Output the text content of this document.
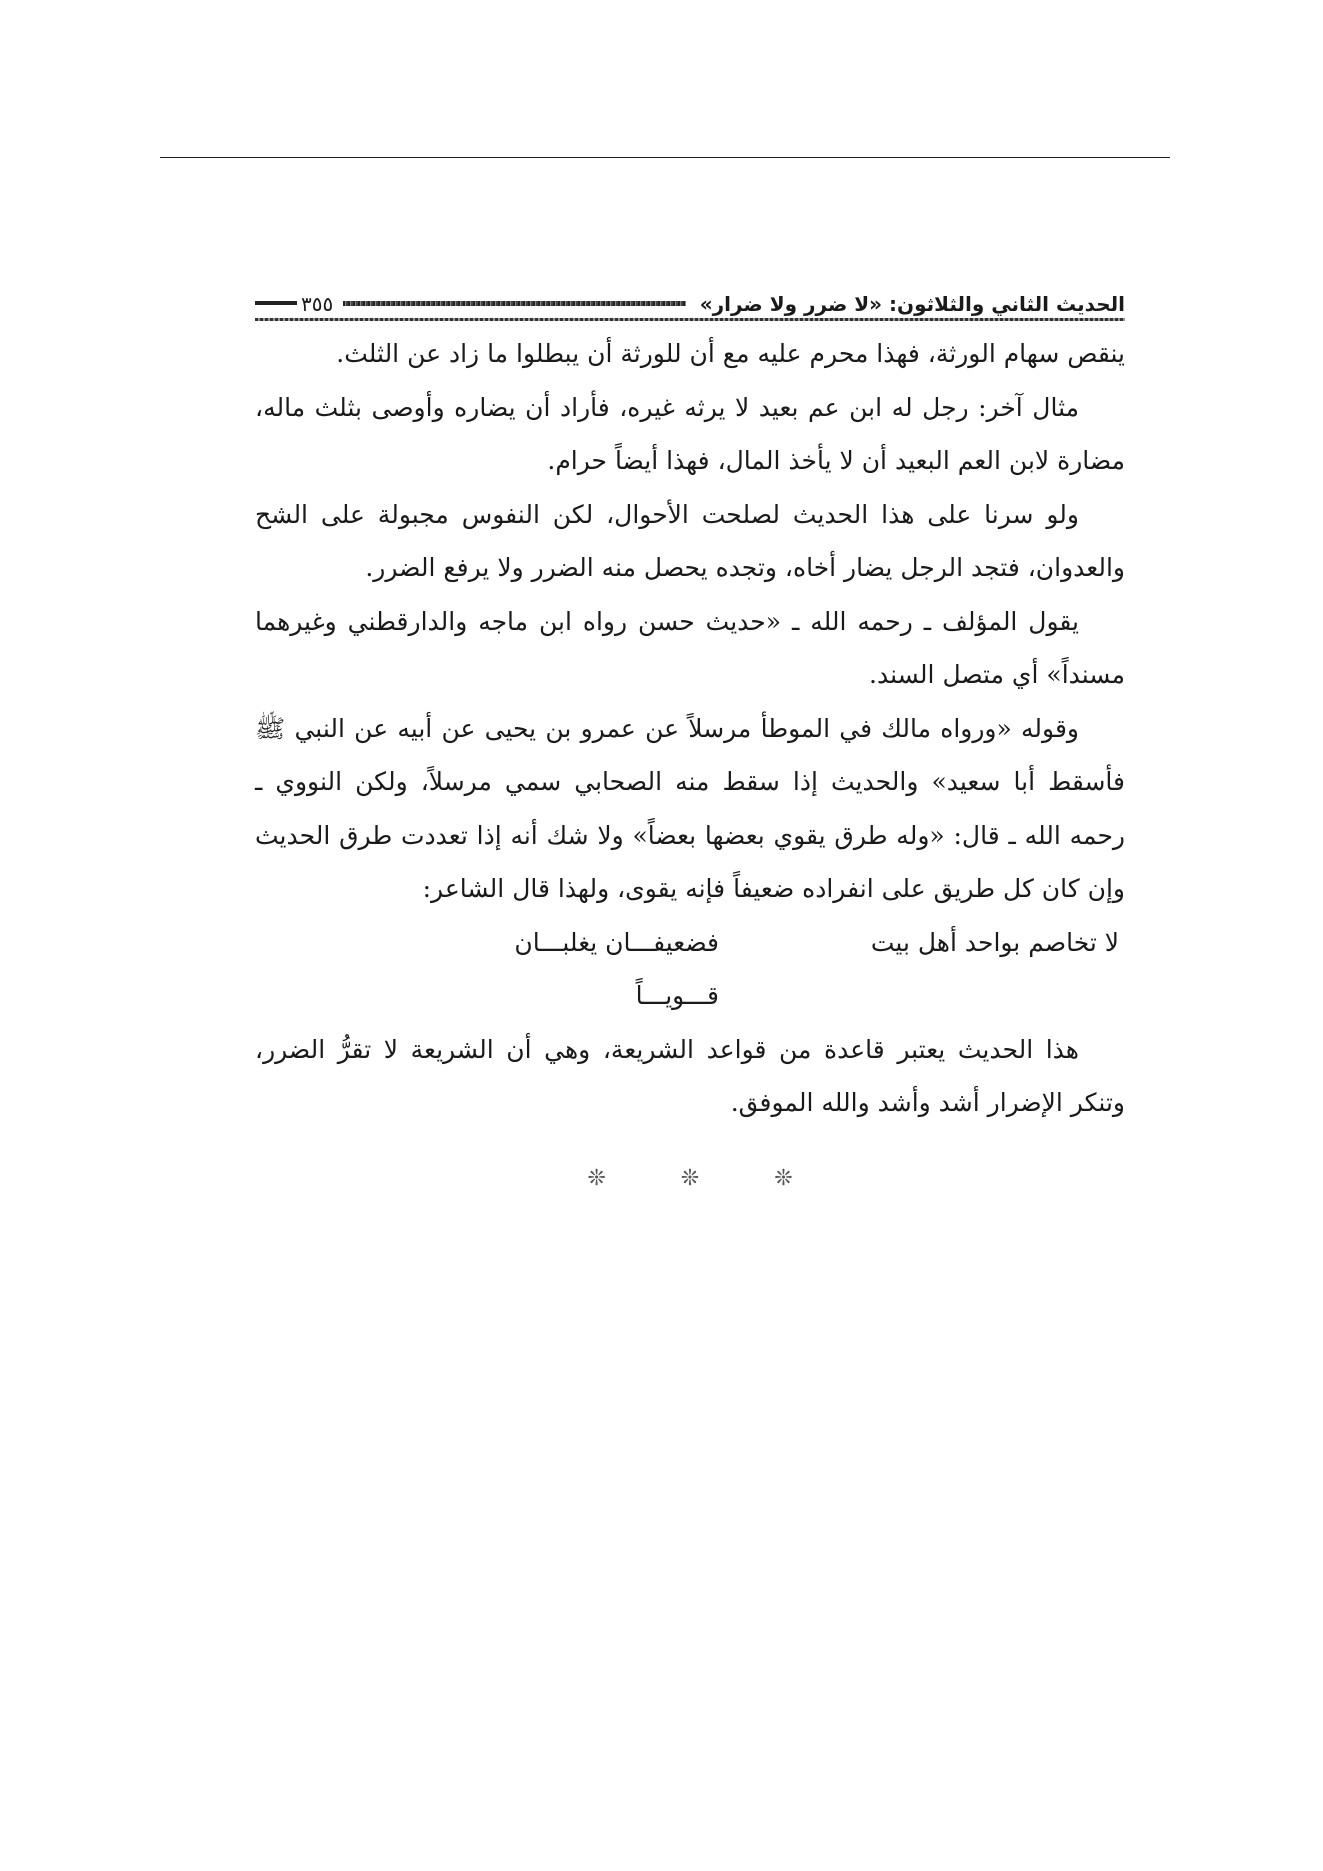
الحديث الثاني والثلاثون: «لا ضرر ولا ضرار»
٣٥٥

ينقص سهام الورثة، فهذا محرم عليه مع أن للورثة أن يبطلوا ما زاد عن الثلث.

مثال آخر: رجل له ابن عم بعيد لا يرثه غيره، فأراد أن يضاره وأوصى بثلث ماله، مضارة لابن العم البعيد أن لا يأخذ المال، فهذا أيضاً حرام.

ولو سرنا على هذا الحديث لصلحت الأحوال، لكن النفوس مجبولة على الشح والعدوان، فتجد الرجل يضار أخاه، وتجده يحصل منه الضرر ولا يرفع الضرر.

يقول المؤلف ـ رحمه الله ـ «حديث حسن رواه ابن ماجه والدارقطني وغيرهما مسنداً» أي متصل السند.

وقوله «ورواه مالك في الموطأ مرسلاً عن عمرو بن يحيى عن أبيه عن النبي ﷺ فأسقط أبا سعيد» والحديث إذا سقط منه الصحابي سمي مرسلاً، ولكن النووي ـ رحمه الله ـ قال: «وله طرق يقوي بعضها بعضاً» ولا شك أنه إذا تعددت طرق الحديث وإن كان كل طريق على انفراده ضعيفاً فإنه يقوى، ولهذا قال الشاعر:

لا تخاصم بواحد أهل بيت
فضعيفـــان يغلبـــان قـــويـــاً

هذا الحديث يعتبر قاعدة من قواعد الشريعة، وهي أن الشريعة لا تقرُّ الضرر، وتنكر الإضرار أشد وأشد والله الموفق.

❊ ❊ ❊
